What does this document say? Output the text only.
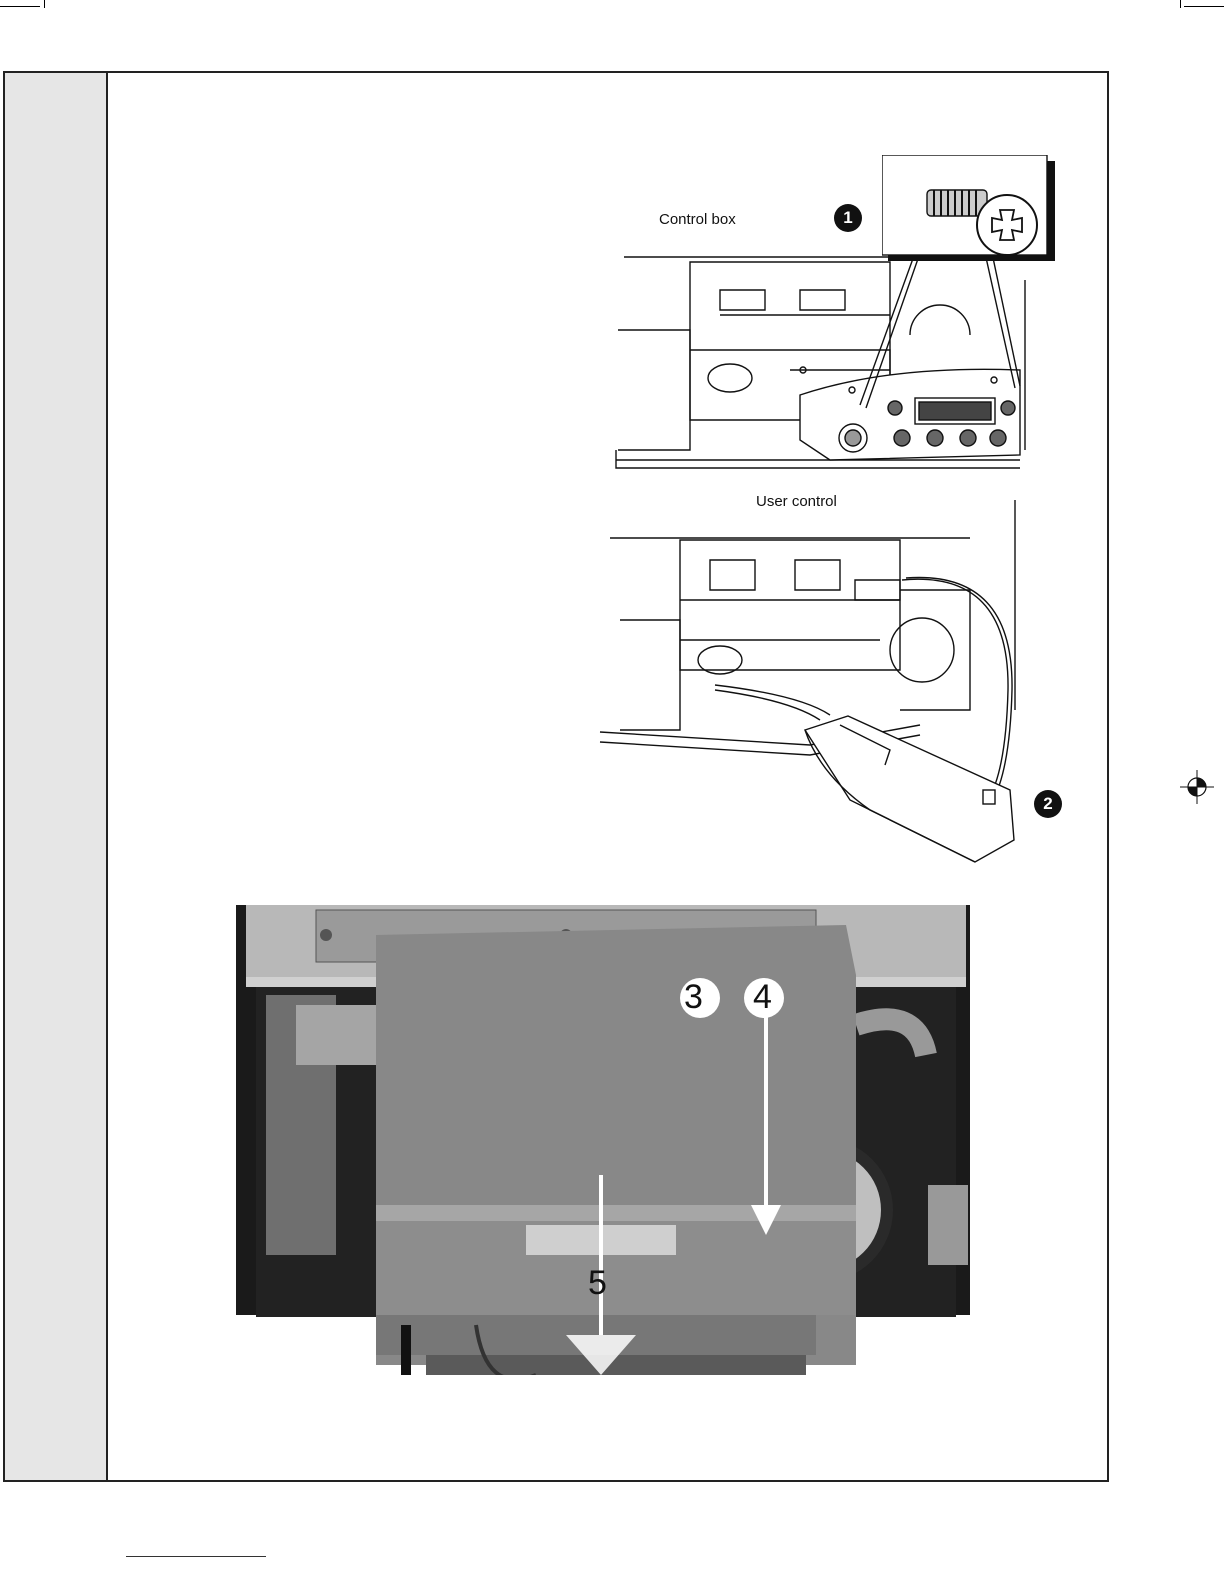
Control box
User control
1
2
3 4
5
